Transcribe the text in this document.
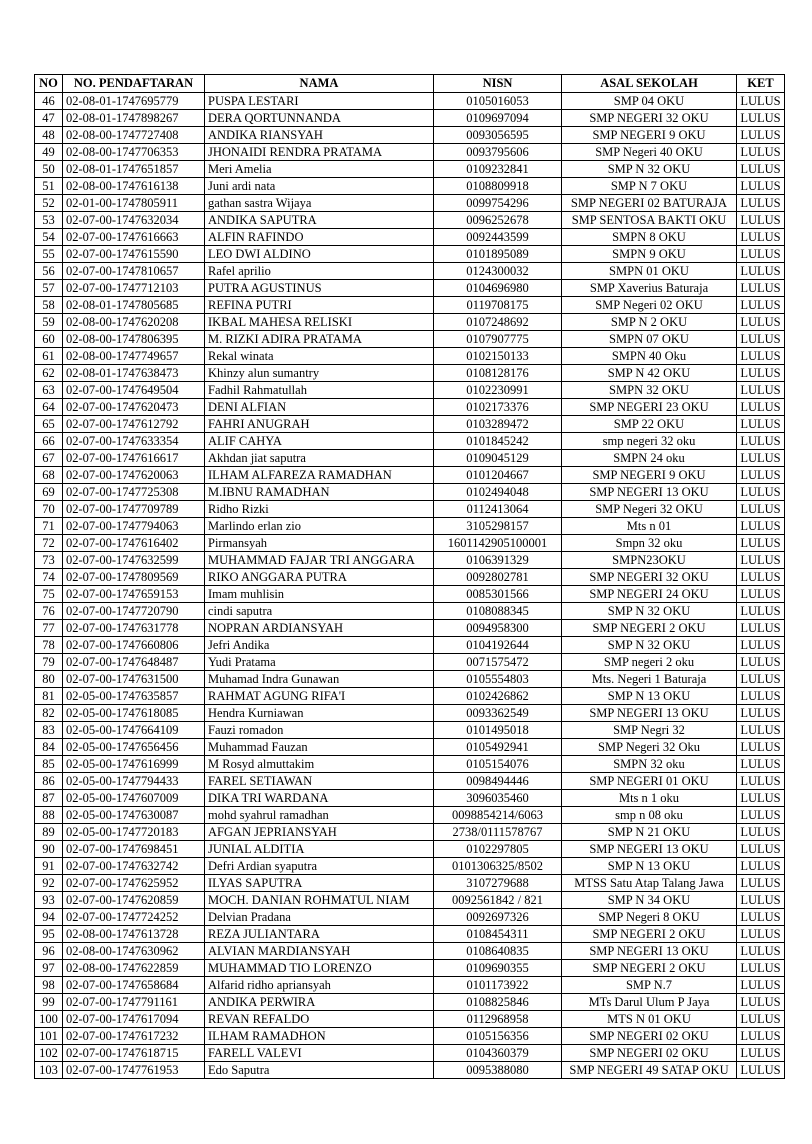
NO	NO. PENDAFTARAN	NAMA	NISN	ASAL SEKOLAH	KET
46	02-08-01-1747695779	PUSPA LESTARI	0105016053	SMP 04 OKU	LULUS
47	02-08-01-1747898267	DERA QORTUNNANDA	0109697094	SMP NEGERI 32 OKU	LULUS
48	02-08-00-1747727408	ANDIKA RIANSYAH	0093056595	SMP NEGERI 9 OKU	LULUS
49	02-08-00-1747706353	JHONAIDI RENDRA PRATAMA	0093795606	SMP Negeri 40 OKU	LULUS
50	02-08-01-1747651857	Meri Amelia	0109232841	SMP N 32 OKU	LULUS
51	02-08-00-1747616138	Juni ardi nata	0108809918	SMP N 7 OKU	LULUS
52	02-01-00-1747805911	gathan sastra Wijaya	0099754296	SMP NEGERI 02 BATURAJA	LULUS
53	02-07-00-1747632034	ANDIKA SAPUTRA	0096252678	SMP SENTOSA BAKTI OKU	LULUS
54	02-07-00-1747616663	ALFIN RAFINDO	0092443599	SMPN 8 OKU	LULUS
55	02-07-00-1747615590	LEO DWI ALDINO	0101895089	SMPN 9 OKU	LULUS
56	02-07-00-1747810657	Rafel aprilio	0124300032	SMPN 01 OKU	LULUS
57	02-07-00-1747712103	PUTRA AGUSTINUS	0104696980	SMP Xaverius Baturaja	LULUS
58	02-08-01-1747805685	REFINA PUTRI	0119708175	SMP Negeri 02 OKU	LULUS
59	02-08-00-1747620208	IKBAL MAHESA RELISKI	0107248692	SMP N 2 OKU	LULUS
60	02-08-00-1747806395	M. RIZKI ADIRA PRATAMA	0107907775	SMPN 07 OKU	LULUS
61	02-08-00-1747749657	Rekal winata	0102150133	SMPN 40 Oku	LULUS
62	02-08-01-1747638473	Khinzy alun sumantry	0108128176	SMP N 42 OKU	LULUS
63	02-07-00-1747649504	Fadhil Rahmatullah	0102230991	SMPN 32 OKU	LULUS
64	02-07-00-1747620473	DENI ALFIAN	0102173376	SMP NEGERI 23 OKU	LULUS
65	02-07-00-1747612792	FAHRI ANUGRAH	0103289472	SMP 22 OKU	LULUS
66	02-07-00-1747633354	ALIF CAHYA	0101845242	smp negeri 32 oku	LULUS
67	02-07-00-1747616617	Akhdan jiat saputra	0109045129	SMPN 24 oku	LULUS
68	02-07-00-1747620063	ILHAM ALFAREZA RAMADHAN	0101204667	SMP NEGERI 9 OKU	LULUS
69	02-07-00-1747725308	M.IBNU RAMADHAN	0102494048	SMP NEGERI 13 OKU	LULUS
70	02-07-00-1747709789	Ridho Rizki	0112413064	SMP Negeri 32 OKU	LULUS
71	02-07-00-1747794063	Marlindo erlan zio	3105298157	Mts n 01	LULUS
72	02-07-00-1747616402	Pirmansyah	1601142905100001	Smpn 32 oku	LULUS
73	02-07-00-1747632599	MUHAMMAD FAJAR TRI ANGGARA	0106391329	SMPN23OKU	LULUS
74	02-07-00-1747809569	RIKO ANGGARA PUTRA	0092802781	SMP NEGERI 32 OKU	LULUS
75	02-07-00-1747659153	Imam muhlisin	0085301566	SMP NEGERI 24 OKU	LULUS
76	02-07-00-1747720790	cindi saputra	0108088345	SMP N 32 OKU	LULUS
77	02-07-00-1747631778	NOPRAN ARDIANSYAH	0094958300	SMP NEGERI 2 OKU	LULUS
78	02-07-00-1747660806	Jefri Andika	0104192644	SMP N 32 OKU	LULUS
79	02-07-00-1747648487	Yudi Pratama	0071575472	SMP negeri 2 oku	LULUS
80	02-07-00-1747631500	Muhamad Indra Gunawan	0105554803	Mts. Negeri 1 Baturaja	LULUS
81	02-05-00-1747635857	RAHMAT AGUNG RIFA'I	0102426862	SMP N 13 OKU	LULUS
82	02-05-00-1747618085	Hendra Kurniawan	0093362549	SMP NEGERI 13 OKU	LULUS
83	02-05-00-1747664109	Fauzi romadon	0101495018	SMP Negri 32	LULUS
84	02-05-00-1747656456	Muhammad Fauzan	0105492941	SMP Negeri 32 Oku	LULUS
85	02-05-00-1747616999	M Rosyd almuttakim	0105154076	SMPN 32 oku	LULUS
86	02-05-00-1747794433	FAREL SETIAWAN	0098494446	SMP NEGERI 01 OKU	LULUS
87	02-05-00-1747607009	DIKA TRI WARDANA	3096035460	Mts n 1 oku	LULUS
88	02-05-00-1747630087	mohd syahrul ramadhan	0098854214/6063	smp n 08 oku	LULUS
89	02-05-00-1747720183	AFGAN JEPRIANSYAH	2738/0111578767	SMP N 21 OKU	LULUS
90	02-07-00-1747698451	JUNIAL ALDITIA	0102297805	SMP NEGERI 13 OKU	LULUS
91	02-07-00-1747632742	Defri Ardian syaputra	0101306325/8502	SMP N 13 OKU	LULUS
92	02-07-00-1747625952	ILYAS SAPUTRA	3107279688	MTSS Satu Atap Talang Jawa	LULUS
93	02-07-00-1747620859	MOCH. DANIAN ROHMATUL NIAM	0092561842 / 821	SMP N 34 OKU	LULUS
94	02-07-00-1747724252	Delvian Pradana	0092697326	SMP Negeri 8 OKU	LULUS
95	02-08-00-1747613728	REZA JULIANTARA	0108454311	SMP NEGERI 2 OKU	LULUS
96	02-08-00-1747630962	ALVIAN MARDIANSYAH	0108640835	SMP NEGERI 13 OKU	LULUS
97	02-08-00-1747622859	MUHAMMAD TIO LORENZO	0109690355	SMP NEGERI 2 OKU	LULUS
98	02-07-00-1747658684	Alfarid ridho apriansyah	0101173922	SMP N.7	LULUS
99	02-07-00-1747791161	ANDIKA PERWIRA	0108825846	MTs Darul Ulum P Jaya	LULUS
100	02-07-00-1747617094	REVAN REFALDO	0112968958	MTS N 01 OKU	LULUS
101	02-07-00-1747617232	ILHAM RAMADHON	0105156356	SMP NEGERI 02 OKU	LULUS
102	02-07-00-1747618715	FARELL VALEVI	0104360379	SMP NEGERI 02 OKU	LULUS
103	02-07-00-1747761953	Edo Saputra	0095388080	SMP NEGERI 49 SATAP OKU	LULUS
